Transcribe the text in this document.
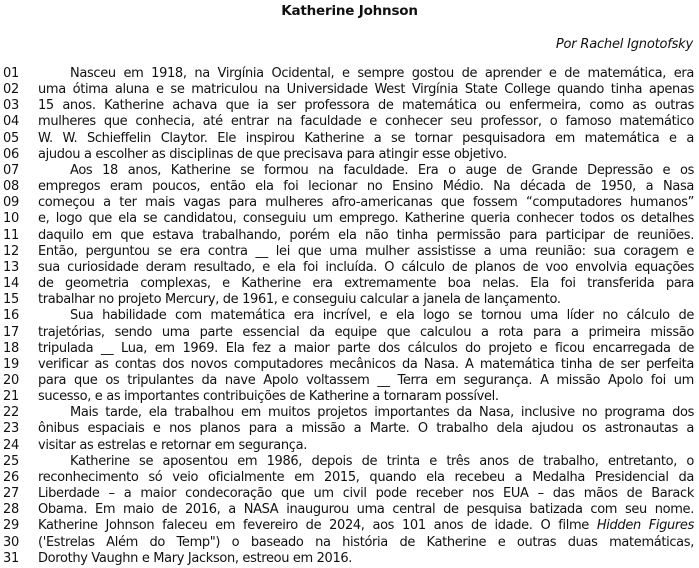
Katherine Johnson
Por Rachel Ignotofsky
01	Nasceu em 1918, na Virgínia Ocidental, e sempre gostou de aprender e de matemática, era
02 uma ótima aluna e se matriculou na Universidade West Virgínia State College quando tinha apenas
03 15 anos. Katherine achava que ia ser professora de matemática ou enfermeira, como as outras
04 mulheres que conhecia, até entrar na faculdade e conhecer seu professor, o famoso matemático
05 W. W. Schieffelin Claytor. Ele inspirou Katherine a se tornar pesquisadora em matemática e a
06 ajudou a escolher as disciplinas de que precisava para atingir esse objetivo.
07	Aos 18 anos, Katherine se formou na faculdade. Era o auge de Grande Depressão e os
08 empregos eram poucos, então ela foi lecionar no Ensino Médio. Na década de 1950, a Nasa
09 começou a ter mais vagas para mulheres afro-americanas que fossem “computadores humanos”
10 e, logo que ela se candidatou, conseguiu um emprego. Katherine queria conhecer todos os detalhes
11 daquilo em que estava trabalhando, porém ela não tinha permissão para participar de reuniões.
12 Então, perguntou se era contra __ lei que uma mulher assistisse a uma reunião: sua coragem e
13 sua curiosidade deram resultado, e ela foi incluída. O cálculo de planos de voo envolvia equações
14 de geometria complexas, e Katherine era extremamente boa nelas. Ela foi transferida para
15 trabalhar no projeto Mercury, de 1961, e conseguiu calcular a janela de lançamento.
16	Sua habilidade com matemática era incrível, e ela logo se tornou uma líder no cálculo de
17 trajetórias, sendo uma parte essencial da equipe que calculou a rota para a primeira missão
18 tripulada __ Lua, em 1969. Ela fez a maior parte dos cálculos do projeto e ficou encarregada de
19 verificar as contas dos novos computadores mecânicos da Nasa. A matemática tinha de ser perfeita
20 para que os tripulantes da nave Apolo voltassem __ Terra em segurança. A missão Apolo foi um
21 sucesso, e as importantes contribuições de Katherine a tornaram possível.
22	Mais tarde, ela trabalhou em muitos projetos importantes da Nasa, inclusive no programa dos
23 ônibus espaciais e nos planos para a missão a Marte. O trabalho dela ajudou os astronautas a
24 visitar as estrelas e retornar em segurança.
25	Katherine se aposentou em 1986, depois de trinta e três anos de trabalho, entretanto, o
26 reconhecimento só veio oficialmente em 2015, quando ela recebeu a Medalha Presidencial da
27 Liberdade – a maior condecoração que um civil pode receber nos EUA – das mãos de Barack
28 Obama. Em maio de 2016, a NASA inaugurou uma central de pesquisa batizada com seu nome.
29 Katherine Johnson faleceu em fevereiro de 2024, aos 101 anos de idade. O filme Hidden Figures
30 ('Estrelas Além do Temp") o baseado na história de Katherine e outras duas matemáticas,
31 Dorothy Vaughn e Mary Jackson, estreou em 2016.
